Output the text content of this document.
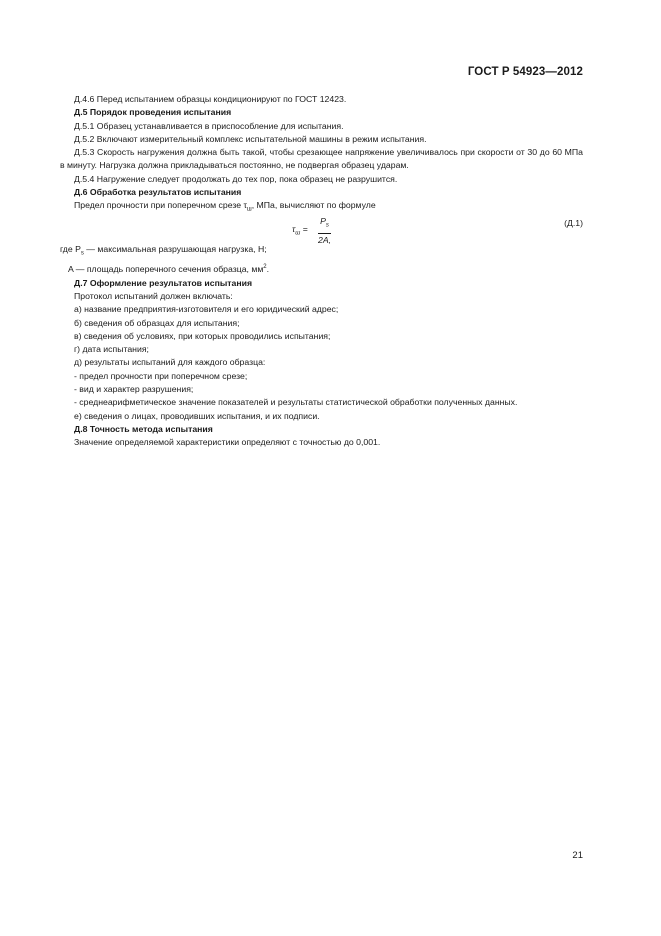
ГОСТ Р 54923—2012

Д.4.6 Перед испытанием образцы кондиционируют по ГОСТ 12423.

Д.5 Порядок проведения испытания

Д.5.1 Образец устанавливается в приспособление для испытания.

Д.5.2 Включают измерительный комплекс испытательной машины в режим испытания.

Д.5.3 Скорость нагружения должна быть такой, чтобы срезающее напряжение увеличивалось при скорости от 30 до 60 МПа в минуту. Нагрузка должна прикладываться постоянно, не подвергая образец ударам.

Д.5.4 Нагружение следует продолжать до тех пор, пока образец не разрушится.

Д.6 Обработка результатов испытания

Предел прочности при поперечном срезе $\tau_ш$, МПа, вычисляют по формуле

$\tau_ш = \frac{P_s}{2A,}$	(Д.1)

где $P_s$ — максимальная разрушающая нагрузка, Н;

A — площадь поперечного сечения образца, $мм^2$.

Д.7 Оформление результатов испытания

Протокол испытаний должен включать:

а) название предприятия-изготовителя и его юридический адрес;

б) сведения об образцах для испытания;

в) сведения об условиях, при которых проводились испытания;

г) дата испытания;

д) результаты испытаний для каждого образца:

- предел прочности при поперечном срезе;

- вид и характер разрушения;

- среднеарифметическое значение показателей и результаты статистической обработки полученных данных.

е) сведения о лицах, проводивших испытания, и их подписи.

Д.8 Точность метода испытания

Значение определяемой характеристики определяют с точностью до 0,001.

21
